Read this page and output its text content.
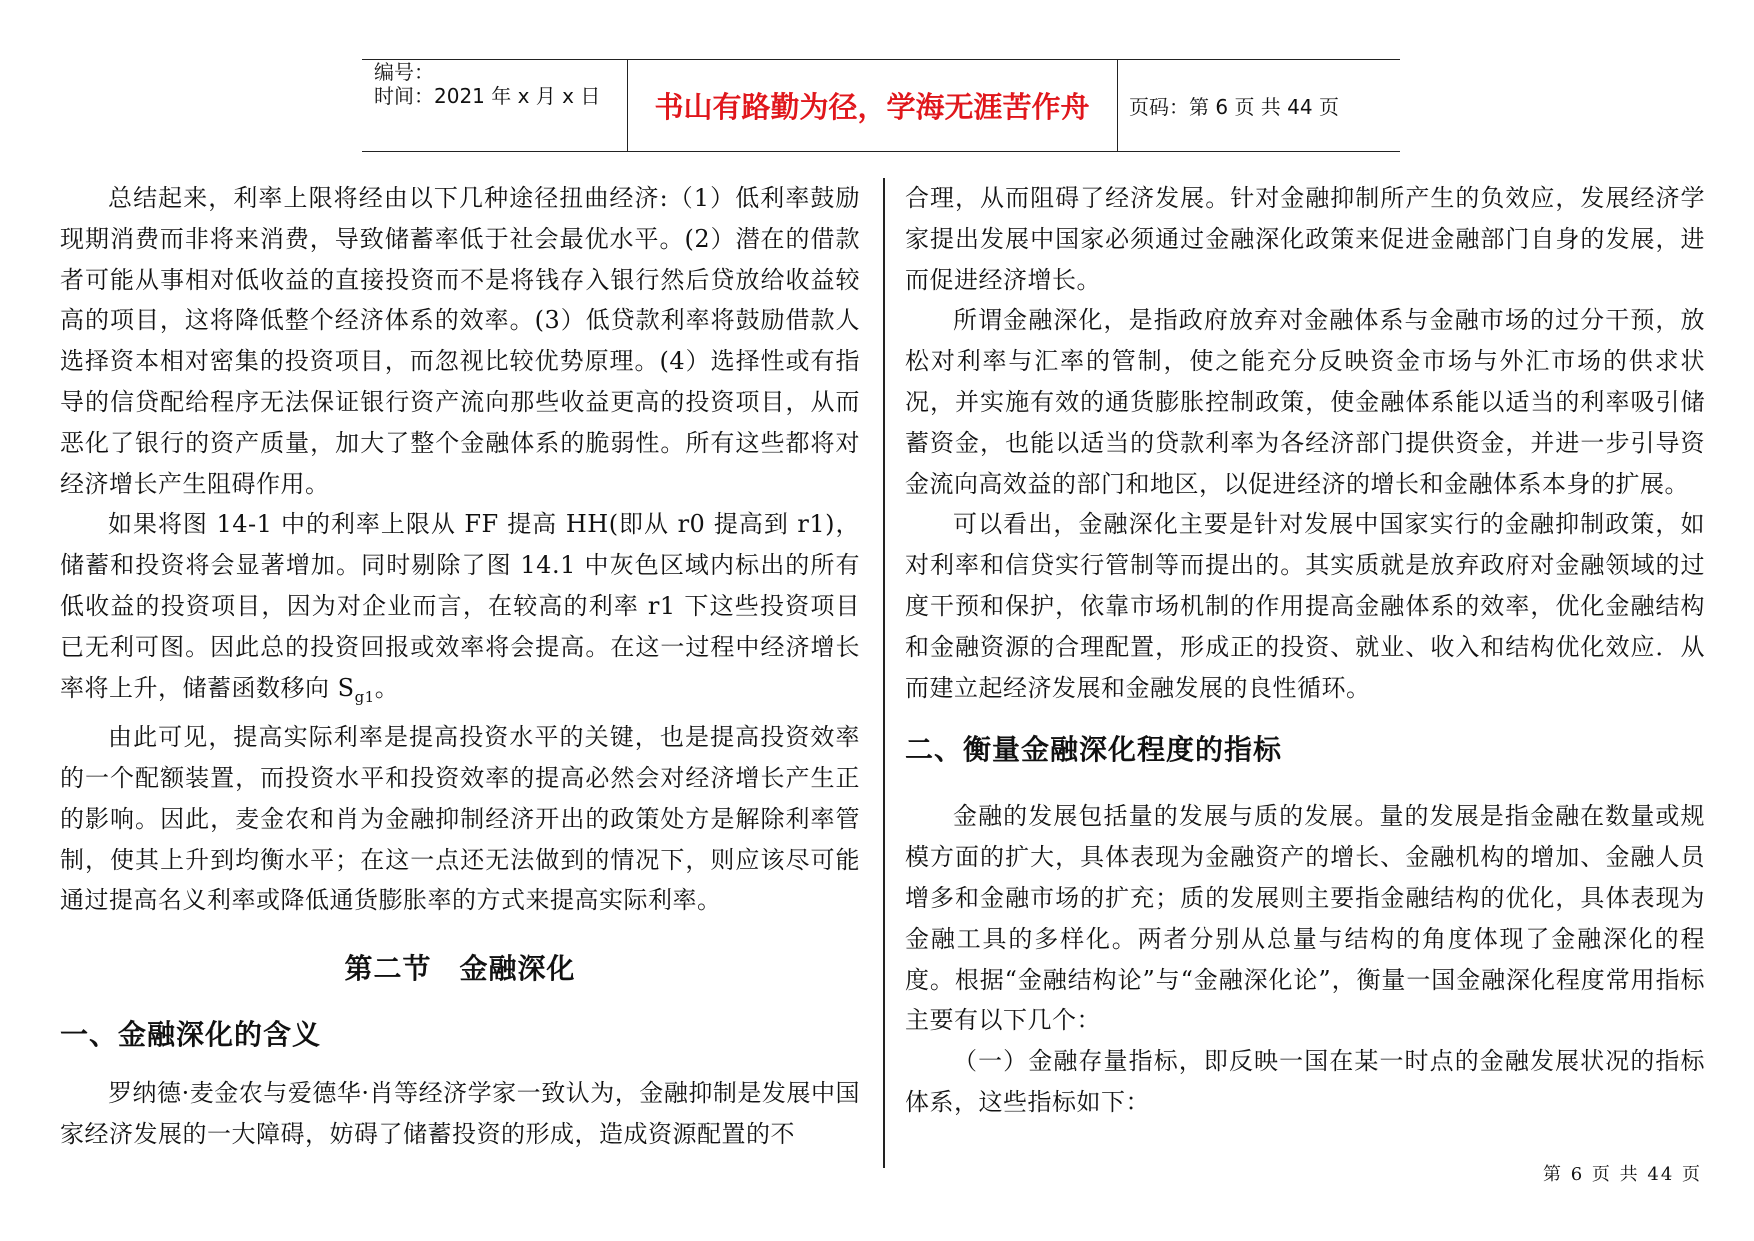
编号：
时间：2021 年 x 月 x 日	书山有路勤为径，学海无涯苦作舟	页码：第 6 页 共 44 页

总结起来，利率上限将经由以下几种途径扭曲经济:（1）低利率鼓励现期消费而非将来消费，导致储蓄率低于社会最优水平。(2）潜在的借款者可能从事相对低收益的直接投资而不是将钱存入银行然后贷放给收益较高的项目，这将降低整个经济体系的效率。(3）低贷款利率将鼓励借款人选择资本相对密集的投资项目，而忽视比较优势原理。(4）选择性或有指导的信贷配给程序无法保证银行资产流向那些收益更高的投资项目，从而恶化了银行的资产质量，加大了整个金融体系的脆弱性。所有这些都将对经济增长产生阻碍作用。

如果将图 14-1 中的利率上限从 FF 提高 HH(即从 r0 提高到 r1)，储蓄和投资将会显著增加。同时剔除了图 14.1 中灰色区域内标出的所有低收益的投资项目，因为对企业而言，在较高的利率 r1 下这些投资项目已无利可图。因此总的投资回报或效率将会提高。在这一过程中经济增长率将上升，储蓄函数移向 $S_{g1}$。

由此可见，提高实际利率是提高投资水平的关键，也是提高投资效率的一个配额装置，而投资水平和投资效率的提高必然会对经济增长产生正的影响。因此，麦金农和肖为金融抑制经济开出的政策处方是解除利率管制，使其上升到均衡水平；在这一点还无法做到的情况下，则应该尽可能通过提高名义利率或降低通货膨胀率的方式来提高实际利率。

第二节 金融深化
一、金融深化的含义

罗纳德·麦金农与爱德华·肖等经济学家一致认为，金融抑制是发展中国家经济发展的一大障碍，妨碍了储蓄投资的形成，造成资源配置的不

合理，从而阻碍了经济发展。针对金融抑制所产生的负效应，发展经济学家提出发展中国家必须通过金融深化政策来促进金融部门自身的发展，进而促进经济增长。

所谓金融深化，是指政府放弃对金融体系与金融市场的过分干预，放松对利率与汇率的管制，使之能充分反映资金市场与外汇市场的供求状况，并实施有效的通货膨胀控制政策，使金融体系能以适当的利率吸引储蓄资金，也能以适当的贷款利率为各经济部门提供资金，并进一步引导资金流向高效益的部门和地区，以促进经济的增长和金融体系本身的扩展。

可以看出，金融深化主要是针对发展中国家实行的金融抑制政策，如对利率和信贷实行管制等而提出的。其实质就是放弃政府对金融领域的过度干预和保护，依靠市场机制的作用提高金融体系的效率，优化金融结构和金融资源的合理配置，形成正的投资、就业、收入和结构优化效应．从而建立起经济发展和金融发展的良性循环。

二、衡量金融深化程度的指标

金融的发展包括量的发展与质的发展。量的发展是指金融在数量或规模方面的扩大，具体表现为金融资产的增长、金融机构的增加、金融人员增多和金融市场的扩充；质的发展则主要指金融结构的优化，具体表现为金融工具的多样化。两者分别从总量与结构的角度体现了金融深化的程度。根据“金融结构论”与“金融深化论”，衡量一国金融深化程度常用指标主要有以下几个：

（一）金融存量指标，即反映一国在某一时点的金融发展状况的指标体系，这些指标如下：

第 6 页 共 44 页
